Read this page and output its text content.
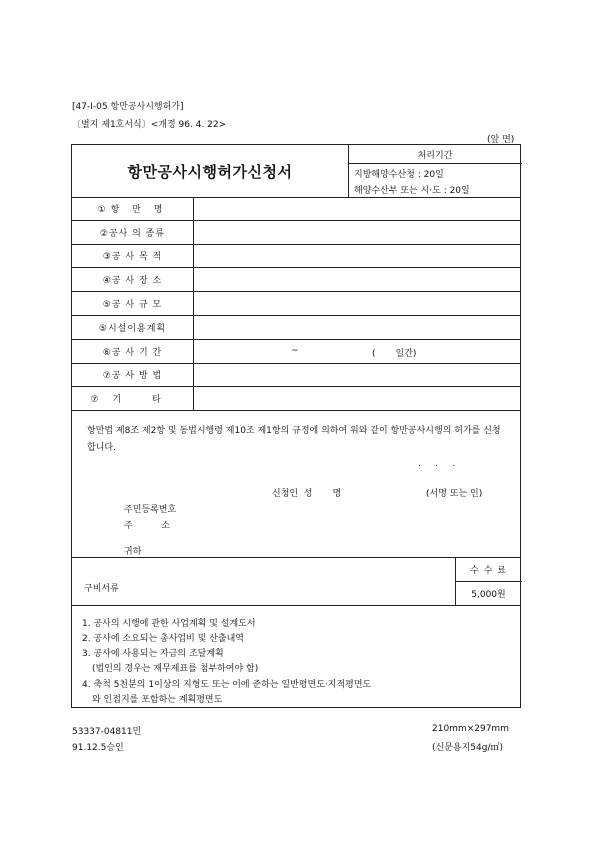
[47-Ⅰ-05 항만공사시행허가]
〔별지 제1호서식〕<개정 96. 4. 22>
(앞 면)
항만공사시행허가신청서
처리기간
지방해양수산청 : 20일
해양수산부 또는 시·도 : 20일
①항 만 명
②공사 의 종류
③공 사 목 적
④공 사 장 소
⑤공 사 규 모
⑤시설이용계획
⑥공 사 기 간	~	(       일간)
⑦공 사 방 법
⑦기 타
항만법 제8조 제2항 및 동법시행령 제10조 제1항의 규정에 의하여 위와 같이 항만공사시행의 허가를 신청합니다.
.     .     .
신청인  성       명	(서명 또는 인)
주민등록번호
주          소
귀하
구비서류
수 수 료
5,000원
1. 공사의 시행에 관한 사업계획 및 설계도서
2. 공사에 소요되는 총사업비 및 산출내역
3. 공사에 사용되는 자금의 조달계획
(법인의 경우는 재무제표를 첨부하여야 함)
4. 축척 5천분의 1이상의 지형도 또는 이에 준하는 일반평면도·지적평면도
와 인접지를 포함하는 계획평면도
53337-04811민
91.12.5승인
210mm×297mm
(신문용지54g/㎡)
